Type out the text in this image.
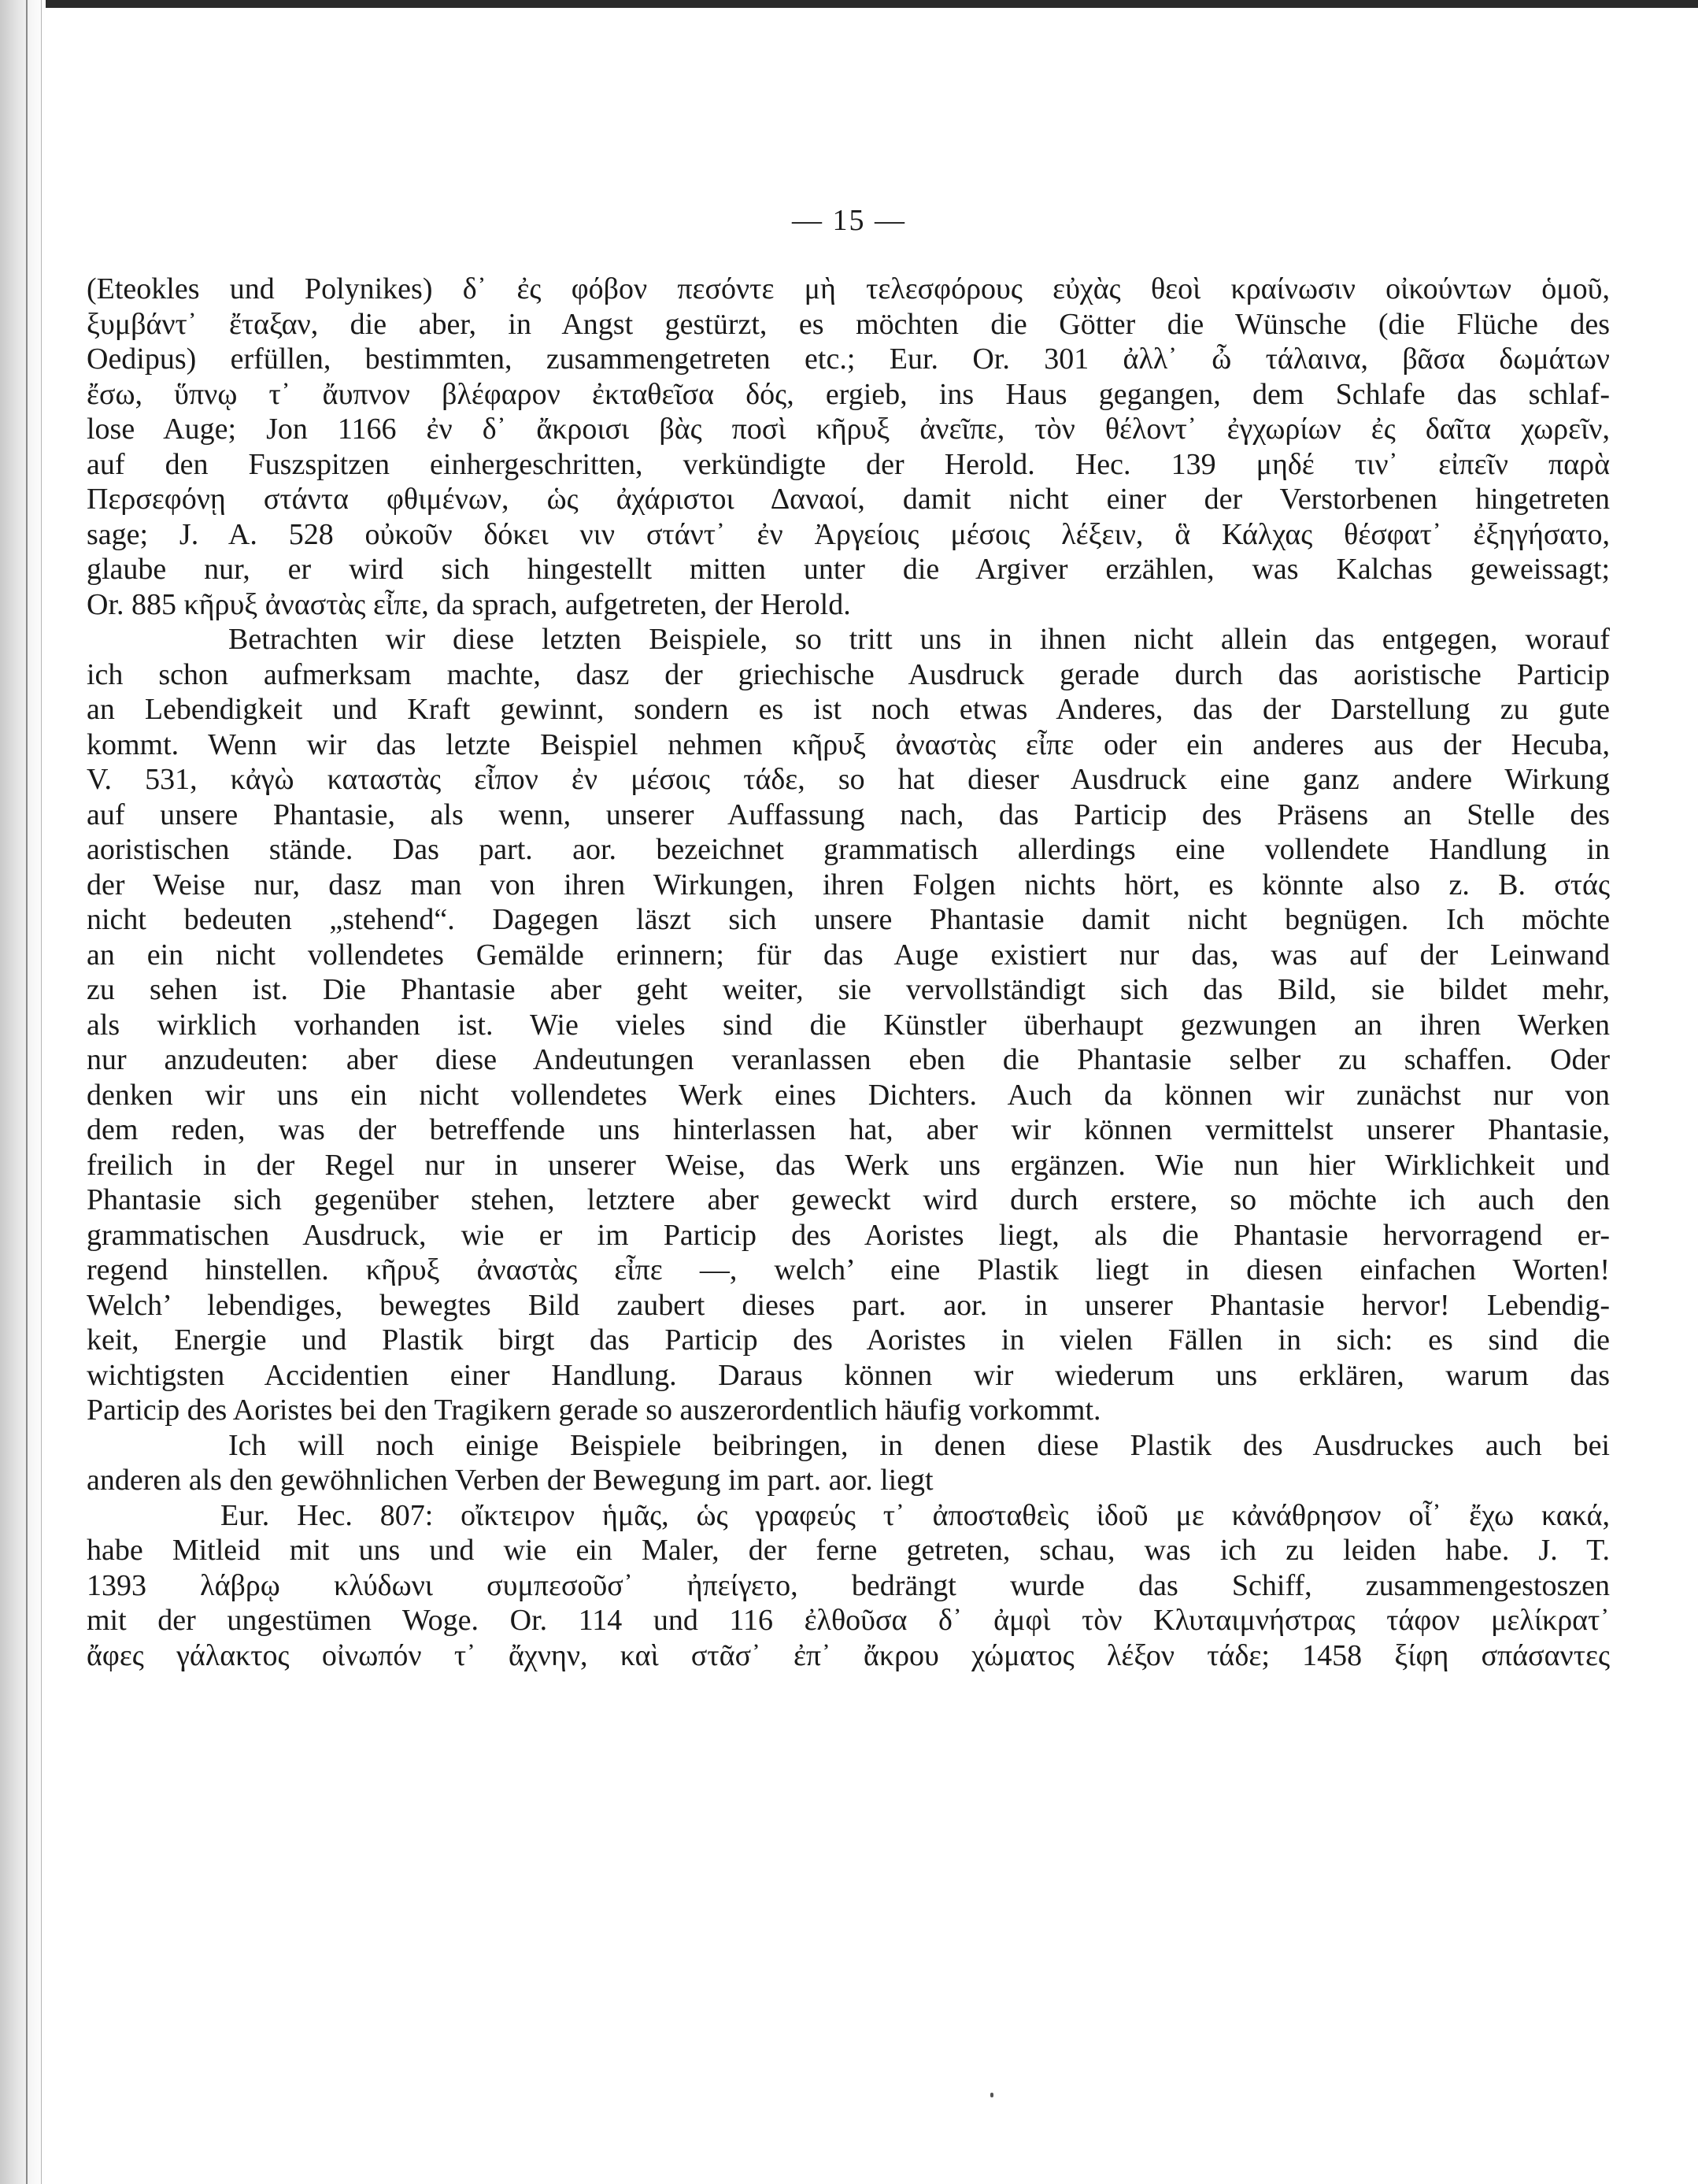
— 15 —
(Eteokles und Polynikes) δ᾽ ἐς φόβον πεσόντε μὴ τελεσφόρους εὐχὰς θεοὶ κραίνωσιν οἰκούντων ὁμοῦ,
ξυμβάντ᾽ ἔταξαν, die aber, in Angst gestürzt, es möchten die Götter die Wünsche (die Flüche des
Oedipus) erfüllen, bestimmten, zusammengetreten etc.; Eur. Or. 301 ἀλλ᾽ ὦ τάλαινα, βᾶσα δωμάτων
ἔσω, ὕπνῳ τ᾽ ἄυπνον βλέφαρον ἐκταθεῖσα δός, ergieb, ins Haus gegangen, dem Schlafe das schlaf-
lose Auge; Jon 1166 ἐν δ᾽ ἄκροισι βὰς ποσὶ κῆρυξ ἀνεῖπε, τὸν θέλοντ᾽ ἐγχωρίων ἐς δαῖτα χωρεῖν,
auf den Fuszspitzen einhergeschritten, verkündigte der Herold. Hec. 139 μηδέ τιν᾽ εἰπεῖν παρὰ
Περσεφόνῃ στάντα φθιμένων, ὡς ἀχάριστοι Δαναοί, damit nicht einer der Verstorbenen hingetreten
sage; J. A. 528 οὐκοῦν δόκει νιν στάντ᾽ ἐν Ἀργείοις μέσοις λέξειν, ἃ Κάλχας θέσφατ᾽ ἐξηγήσατο,
glaube nur, er wird sich hingestellt mitten unter die Argiver erzählen, was Kalchas geweissagt;
Or. 885 κῆρυξ ἀναστὰς εἶπε, da sprach, aufgetreten, der Herold.
Betrachten wir diese letzten Beispiele, so tritt uns in ihnen nicht allein das entgegen, worauf
ich schon aufmerksam machte, dasz der griechische Ausdruck gerade durch das aoristische Particip
an Lebendigkeit und Kraft gewinnt, sondern es ist noch etwas Anderes, das der Darstellung zu gute
kommt. Wenn wir das letzte Beispiel nehmen κῆρυξ ἀναστὰς εἶπε oder ein anderes aus der Hecuba,
V. 531, κἀγὼ καταστὰς εἶπον ἐν μέσοις τάδε, so hat dieser Ausdruck eine ganz andere Wirkung
auf unsere Phantasie, als wenn, unserer Auffassung nach, das Particip des Präsens an Stelle des
aoristischen stände. Das part. aor. bezeichnet grammatisch allerdings eine vollendete Handlung in
der Weise nur, dasz man von ihren Wirkungen, ihren Folgen nichts hört, es könnte also z. B. στάς
nicht bedeuten „stehend“. Dagegen läszt sich unsere Phantasie damit nicht begnügen. Ich möchte
an ein nicht vollendetes Gemälde erinnern; für das Auge existiert nur das, was auf der Leinwand
zu sehen ist. Die Phantasie aber geht weiter, sie vervollständigt sich das Bild, sie bildet mehr,
als wirklich vorhanden ist. Wie vieles sind die Künstler überhaupt gezwungen an ihren Werken
nur anzudeuten: aber diese Andeutungen veranlassen eben die Phantasie selber zu schaffen. Oder
denken wir uns ein nicht vollendetes Werk eines Dichters. Auch da können wir zunächst nur von
dem reden, was der betreffende uns hinterlassen hat, aber wir können vermittelst unserer Phantasie,
freilich in der Regel nur in unserer Weise, das Werk uns ergänzen. Wie nun hier Wirklichkeit und
Phantasie sich gegenüber stehen, letztere aber geweckt wird durch erstere, so möchte ich auch den
grammatischen Ausdruck, wie er im Particip des Aoristes liegt, als die Phantasie hervorragend er-
regend hinstellen. κῆρυξ ἀναστὰς εἶπε —, welch’ eine Plastik liegt in diesen einfachen Worten!
Welch’ lebendiges, bewegtes Bild zaubert dieses part. aor. in unserer Phantasie hervor! Lebendig-
keit, Energie und Plastik birgt das Particip des Aoristes in vielen Fällen in sich: es sind die
wichtigsten Accidentien einer Handlung. Daraus können wir wiederum uns erklären, warum das
Particip des Aoristes bei den Tragikern gerade so auszerordentlich häufig vorkommt.
Ich will noch einige Beispiele beibringen, in denen diese Plastik des Ausdruckes auch bei
anderen als den gewöhnlichen Verben der Bewegung im part. aor. liegt
Eur. Hec. 807: οἴκτειρον ἡμᾶς, ὡς γραφεύς τ᾽ ἀποσταθεὶς ἰδοῦ με κἀνάθρησον οἷ᾽ ἔχω κακά,
habe Mitleid mit uns und wie ein Maler, der ferne getreten, schau, was ich zu leiden habe. J. T.
1393 λάβρῳ κλύδωνι συμπεσοῦσ᾽ ἠπείγετο, bedrängt wurde das Schiff, zusammengestoszen
mit der ungestümen Woge. Or. 114 und 116 ἐλθοῦσα δ᾽ ἀμφὶ τὸν Κλυταιμνήστρας τάφον μελίκρατ᾽
ἄφες γάλακτος οἰνωπόν τ᾽ ἄχνην, καὶ στᾶσ᾽ ἐπ᾽ ἄκρου χώματος λέξον τάδε; 1458 ξίφη σπάσαντες
